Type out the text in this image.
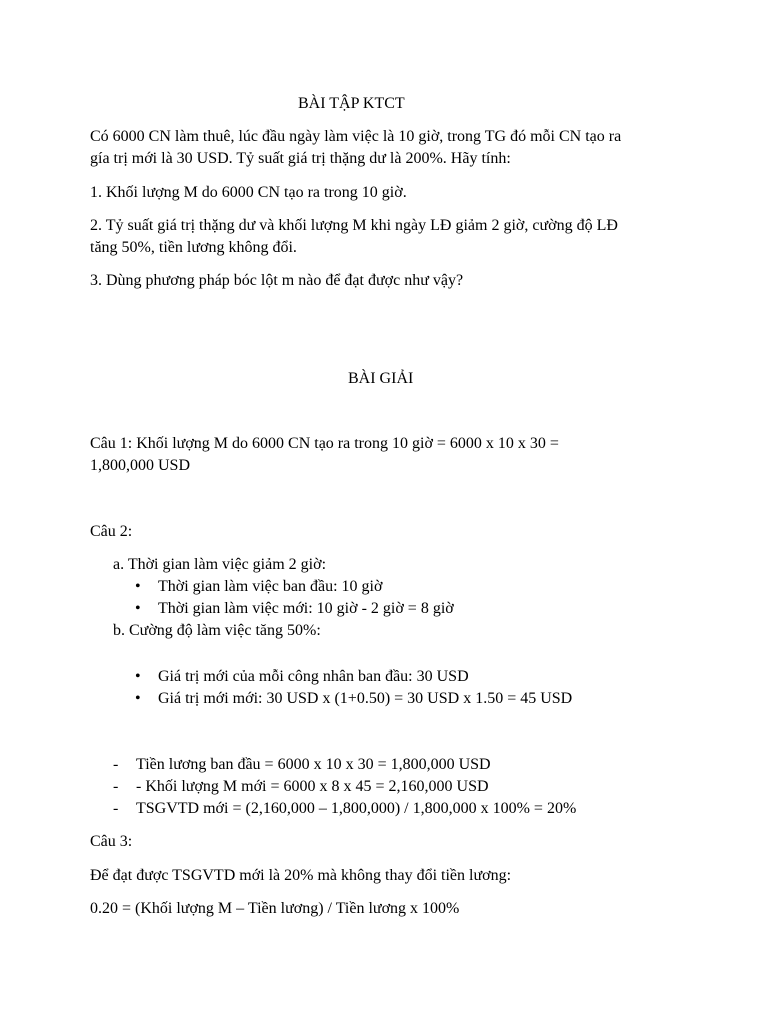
BÀI TẬP KTCT
Có 6000 CN làm thuê, lúc đầu ngày làm việc là 10 giờ, trong TG đó mỗi CN tạo ra
gía trị mới là 30 USD. Tỷ suất giá trị thặng dư là 200%. Hãy tính:
1. Khối lượng M do 6000 CN tạo ra trong 10 giờ.
2. Tỷ suất giá trị thặng dư và khối lượng M khi ngày LĐ giảm 2 giờ, cường độ LĐ
tăng 50%, tiền lương không đổi.
3. Dùng phương pháp bóc lột m nào để đạt được như vậy?
BÀI GIẢI
Câu 1: Khối lượng M do 6000 CN tạo ra trong 10 giờ = 6000 x 10 x 30 =
1,800,000 USD
Câu 2:
a. Thời gian làm việc giảm 2 giờ:
• Thời gian làm việc ban đầu: 10 giờ
• Thời gian làm việc mới: 10 giờ - 2 giờ = 8 giờ
b. Cường độ làm việc tăng 50%:
• Giá trị mới của mỗi công nhân ban đầu: 30 USD
• Giá trị mới mới: 30 USD x (1+0.50) = 30 USD x 1.50 = 45 USD
- Tiền lương ban đầu = 6000 x 10 x 30 = 1,800,000 USD
- - Khối lượng M mới = 6000 x 8 x 45 = 2,160,000 USD
- TSGVTD mới = (2,160,000 – 1,800,000) / 1,800,000 x 100% = 20%
Câu 3:
Để đạt được TSGVTD mới là 20% mà không thay đổi tiền lương:
0.20 = (Khối lượng M – Tiền lương) / Tiền lương x 100%
